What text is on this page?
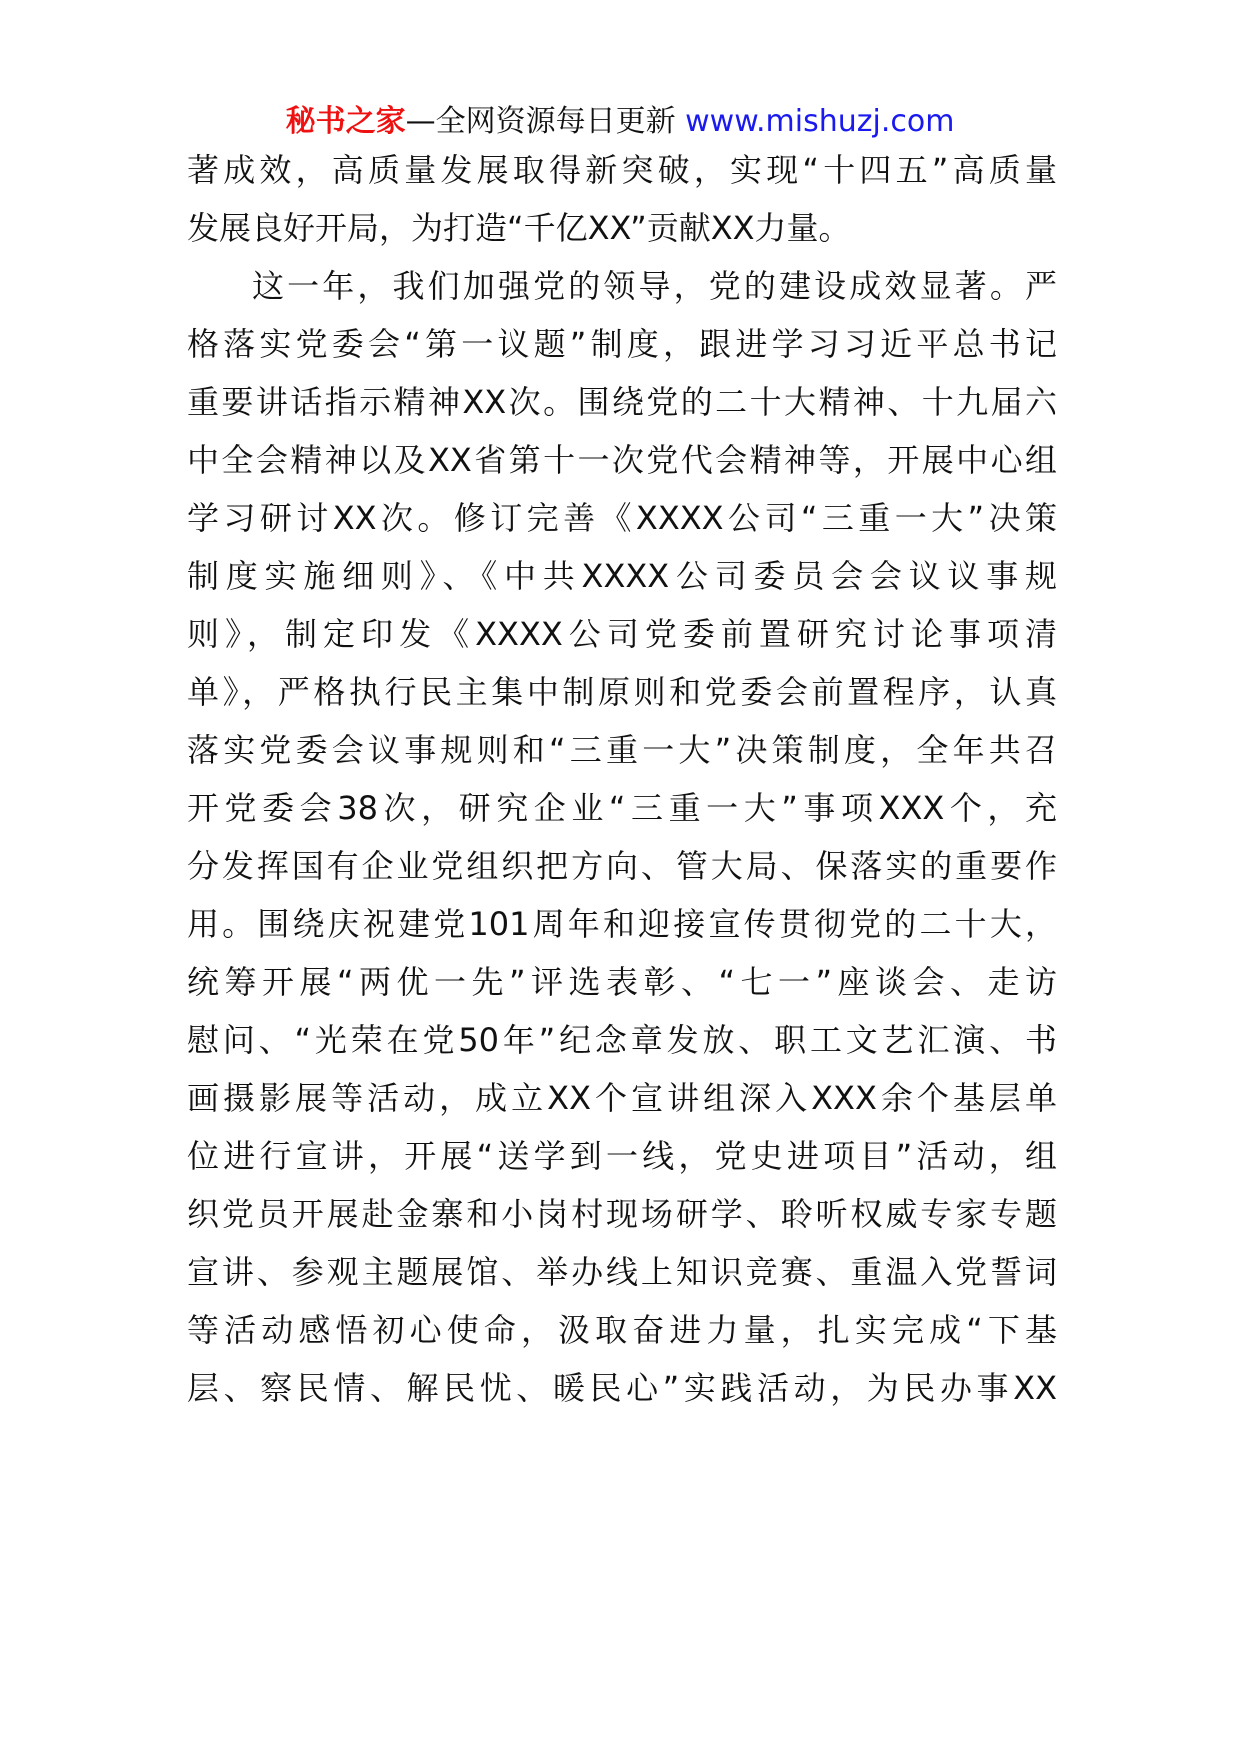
秘书之家—全网资源每日更新 www.mishuzj.com
著成效，高质量发展取得新突破，实现“十四五”高质量
发展良好开局，为打造“千亿XX”贡献XX力量。
这一年，我们加强党的领导，党的建设成效显著。严
格落实党委会“第一议题”制度，跟进学习习近平总书记
重要讲话指示精神XX次。围绕党的二十大精神、十九届六
中全会精神以及XX省第十一次党代会精神等，开展中心组
学习研讨XX次。修订完善《XXXX公司“三重一大”决策
制度实施细则》、《中共XXXX公司委员会会议议事规
则》，制定印发《XXXX公司党委前置研究讨论事项清
单》，严格执行民主集中制原则和党委会前置程序，认真
落实党委会议事规则和“三重一大”决策制度，全年共召
开党委会38次，研究企业“三重一大”事项XXX个，充
分发挥国有企业党组织把方向、管大局、保落实的重要作
用。围绕庆祝建党101周年和迎接宣传贯彻党的二十大，
统筹开展“两优一先”评选表彰、“七一”座谈会、走访
慰问、“光荣在党50年”纪念章发放、职工文艺汇演、书
画摄影展等活动，成立XX个宣讲组深入XXX余个基层单
位进行宣讲，开展“送学到一线，党史进项目”活动，组
织党员开展赴金寨和小岗村现场研学、聆听权威专家专题
宣讲、参观主题展馆、举办线上知识竞赛、重温入党誓词
等活动感悟初心使命，汲取奋进力量，扎实完成“下基
层、察民情、解民忧、暖民心”实践活动，为民办事XX
